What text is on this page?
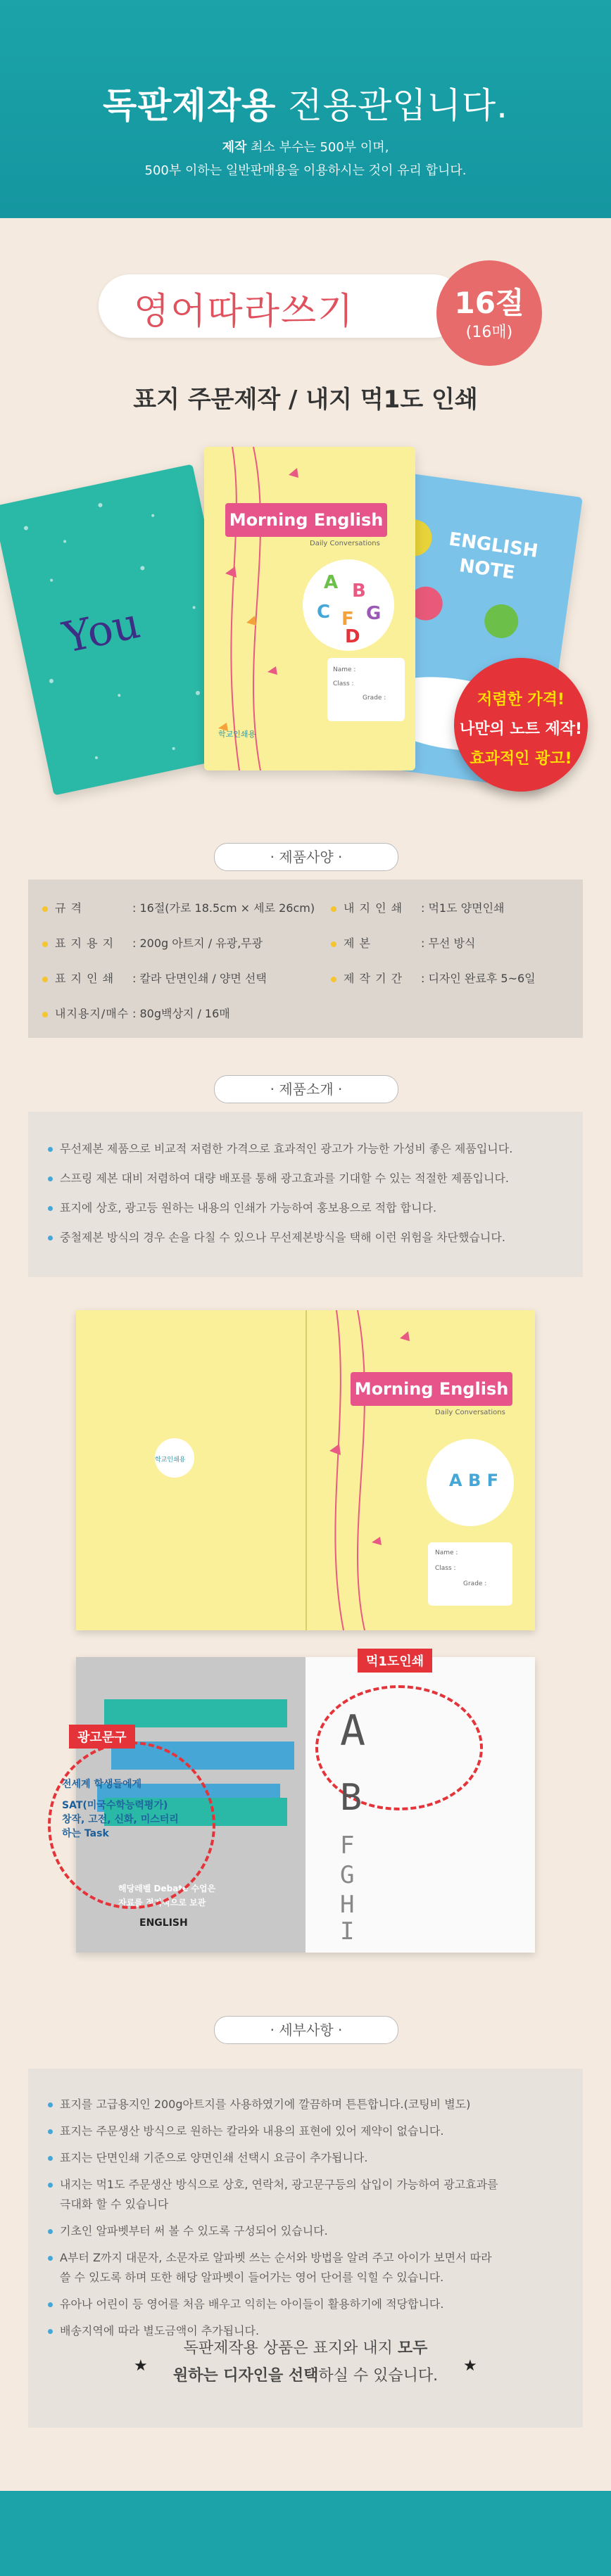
독판제작용 전용관입니다.
제작 최소 부수는 500부 이며,
500부 이하는 일반판매용을 이용하시는 것이 유리 합니다.
영어따라쓰기	16절
(16매)
표지 주문제작 / 내지 먹1도 인쇄
You
ENGLISH
NOTE
Morning English
Daily Conversations
A B
C F G
D
Name :
Class :
Grade :
학교인쇄용
저렴한 가격!
나만의 노트 제작!
효과적인 광고!
· 제품사양 ·
규 격	: 16절(가로 18.5cm × 세로 26cm)	내 지 인 쇄 : 먹1도 양면인쇄
표 지 용 지 : 200g 아트지 / 유광,무광	제 본	: 무선 방식
표 지 인 쇄 : 칼라 단면인쇄 / 양면 선택	제 작 기 간 : 디자인 완료후 5~6일
내지용지/매수 : 80g백상지 / 16매
· 제품소개 ·
무선제본 제품으로 비교적 저렴한 가격으로 효과적인 광고가 가능한 가성비 좋은 제품입니다.
스프링 제본 대비 저렴하여 대량 배포를 통해 광고효과를 기대할 수 있는 적절한 제품입니다.
표지에 상호, 광고등 원하는 내용의 인쇄가 가능하여 홍보용으로 적합 합니다.
중철제본 방식의 경우 손을 다칠 수 있으나 무선제본방식을 택해 이런 위험을 차단했습니다.
Morning English
Daily Conversations
학교인쇄용
A B F
Name :
Class :
Grade :
해당레벨 Debate 수업은
자료를 정기적으로 보관
ENGLISH
전세계 학생들에게
SAT(미국수학능력평가)
창작, 고전, 신화, 미스터리
하는 Task
광고문구
먹1도인쇄
A
B
F
G
H
I
· 세부사항 ·
표지를 고급용지인 200g아트지를 사용하였기에 깔끔하며 튼튼합니다.(코팅비 별도)
표지는 주문생산 방식으로 원하는 칼라와 내용의 표현에 있어 제약이 없습니다.
표지는 단면인쇄 기준으로 양면인쇄 선택시 요금이 추가됩니다.
내지는 먹1도 주문생산 방식으로 상호, 연락처, 광고문구등의 삽입이 가능하여 광고효과를
극대화 할 수 있습니다
기초인 알파벳부터 써 볼 수 있도록 구성되어 있습니다.
A부터 Z까지 대문자, 소문자로 알파벳 쓰는 순서와 방법을 알려 주고 아이가 보면서 따라
쓸 수 있도록 하며 또한 해당 알파벳이 들어가는 영어 단어를 익힐 수 있습니다.
유아나 어린이 등 영어를 처음 배우고 익히는 아이들이 활용하기에 적당합니다.
배송지역에 따라 별도금액이 추가됩니다.
★
독판제작용 상품은 표지와 내지 모두
원하는 디자인을 선택하실 수 있습니다.
★
